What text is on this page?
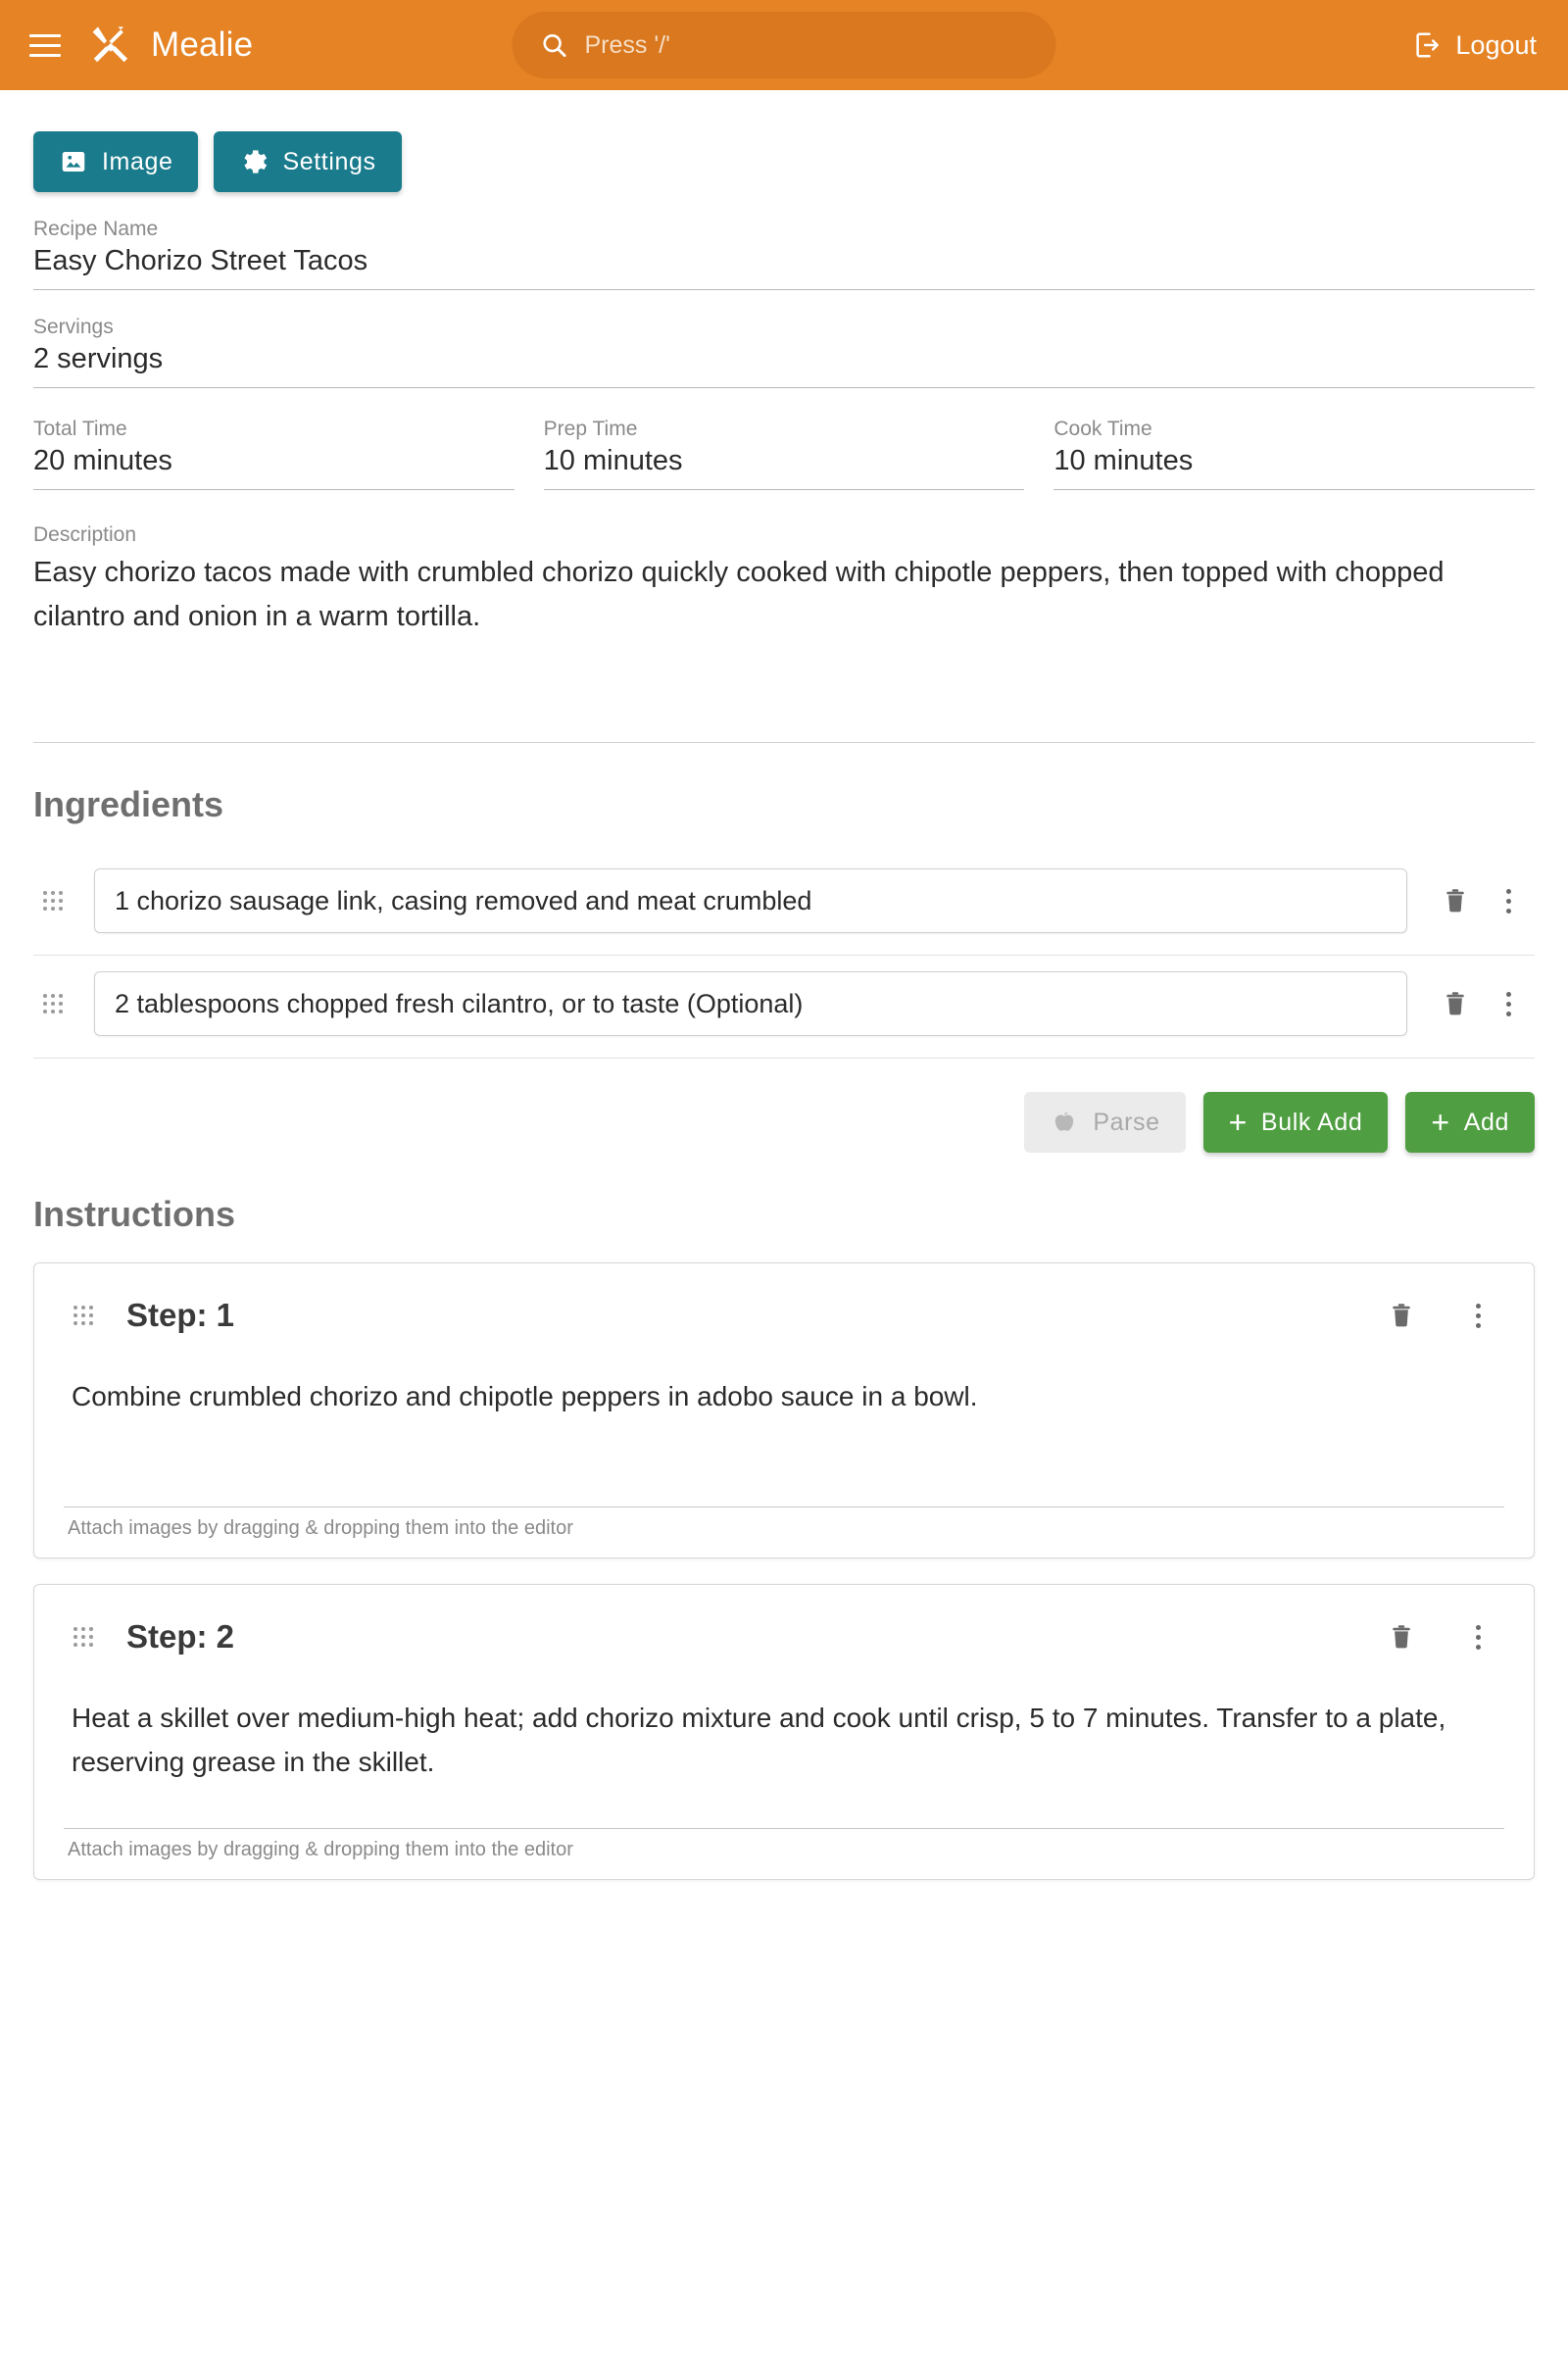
Mealie	Press '/'	Logout
Image	Settings
Recipe Name
Easy Chorizo Street Tacos
Servings
2 servings
Total Time
20 minutes
Prep Time
10 minutes
Cook Time
10 minutes
Description
Easy chorizo tacos made with crumbled chorizo quickly cooked with chipotle peppers, then topped with chopped cilantro and onion in a warm tortilla.
Ingredients
1 chorizo sausage link, casing removed and meat crumbled
2 tablespoons chopped fresh cilantro, or to taste (Optional)
Parse + Bulk Add + Add
Instructions
Step: 1
Combine crumbled chorizo and chipotle peppers in adobo sauce in a bowl.
Attach images by dragging & dropping them into the editor
Step: 2
Heat a skillet over medium-high heat; add chorizo mixture and cook until crisp, 5 to 7 minutes. Transfer to a plate, reserving grease in the skillet.
Attach images by dragging & dropping them into the editor
